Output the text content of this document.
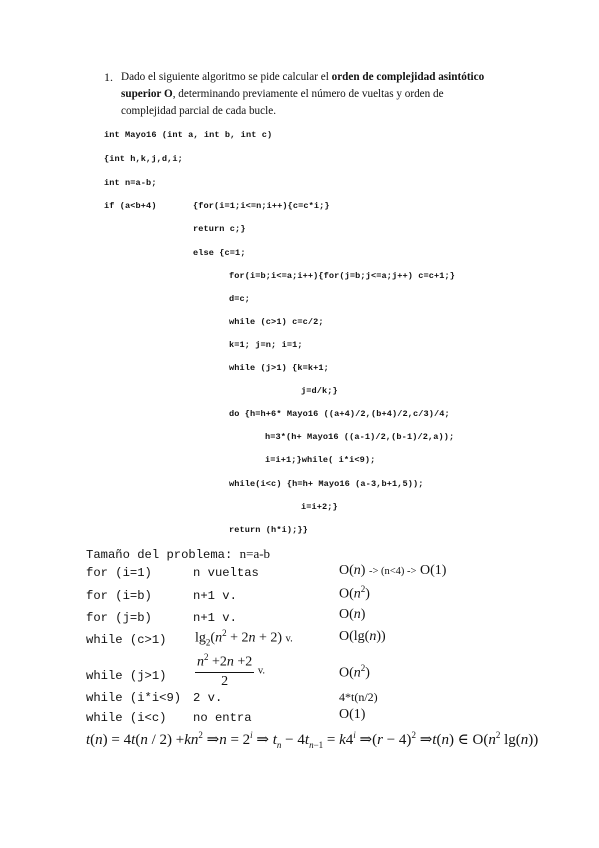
1. Dado el siguiente algoritmo se pide calcular el orden de complejidad asintótico
superior O, determinando previamente el número de vueltas y orden de
complejidad parcial de cada bucle.
int Mayo16 (int a, int b, int c)
{int h,k,j,d,i;
int n=a-b;
if (a<b+4)	{for(i=1;i<=n;i++){c=c*i;}
return c;}
else {c=1;
for(i=b;i<=a;i++){for(j=b;j<=a;j++) c=c+1;}
d=c;
while (c>1) c=c/2;
k=1; j=n; i=1;
while (j>1) {k=k+1;
j=d/k;}
do {h=h+6* Mayo16 ((a+4)/2,(b+4)/2,c/3)/4;
h=3*(h+ Mayo16 ((a-1)/2,(b-1)/2,a));
i=i+1;}while( i*i<9);
while(i<c) {h=h+ Mayo16 (a-3,b+1,5));
i=i+2;}
return (h*i);}}
Tamaño del problema: n=a-b
for (i=1)	n vueltas	O(n) -> (n<4) -> O(1)
for (i=b)	n+1 v.	$O(n^2)$
for (j=b)	n+1 v.	O(n)
while (c>1) $\lg_2(n^2 + 2n + 2)$ v.	O(lg(n))
while $(j>1) \frac{n^2 +2n +2}{2} v$.	$O(n^2)$
while (i*i<9) 2 v.	4*t(n/2)
while (i<c) no entra	O(1)
$t(n) = 4t(n / 2) +kn^2$ ⇒n = $2^i$ ⇒ $t_n - 4t_{n-1} = k4^i$ ⇒(r − 4)$^2$ ⇒t(n) ∈ $O(n^2$ lg(n))
